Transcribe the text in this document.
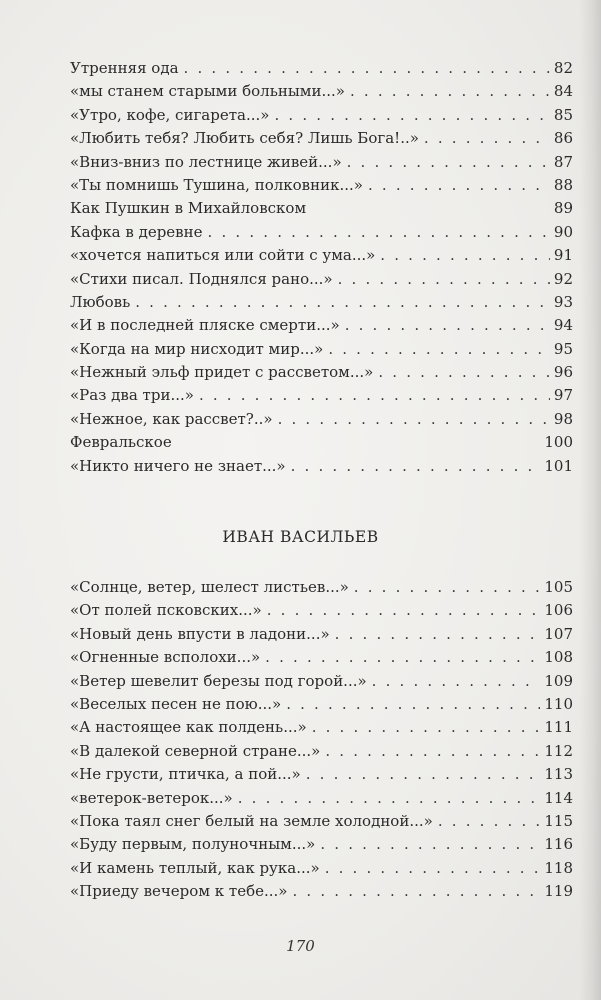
Утренняя ода . . .	82
«мы станем старыми больными...» . . .	84
«Утро, кофе, сигарета...» . . .	85
«Любить тебя? Любить себя? Лишь Бога!..» . . .	86
«Вниз-вниз по лестнице живей...» . . .	87
«Ты помнишь Тушина, полковник...» . . .	88
Как Пушкин в Михайловском	89
Кафка в деревне . . .	90
«хочется напиться или сойти с ума...» . . .	91
«Стихи писал. Поднялся рано...» . . .	92
Любовь . . .	93
«И в последней пляске смерти...» . . .	94
«Когда на мир нисходит мир...» . . .	95
«Нежный эльф придет с рассветом...» . . .	96
«Раз два три...» . . .	97
«Нежное, как рассвет?..» . . .	98
Февральское	100
«Никто ничего не знает...» . . .	101
ИВАН ВАСИЛЬЕВ
«Солнце, ветер, шелест листьев...» . . .	105
«От полей псковских...» . . .	106
«Новый день впусти в ладони...» . . .	107
«Огненные всполохи...» . . .	108
«Ветер шевелит березы под горой...» . . .	109
«Веселых песен не пою...» . . .	110
«А настоящее как полдень...» . . .	111
«В далекой северной стране...» . . .	112
«Не грусти, птичка, а пой...» . . .	113
«ветерок-ветерок...» . . .	114
«Пока таял снег белый на земле холодной...» . . .	115
«Буду первым, полуночным...» . . .	116
«И камень теплый, как рука...» . . .	118
«Приеду вечером к тебе...» . . .	119
170
